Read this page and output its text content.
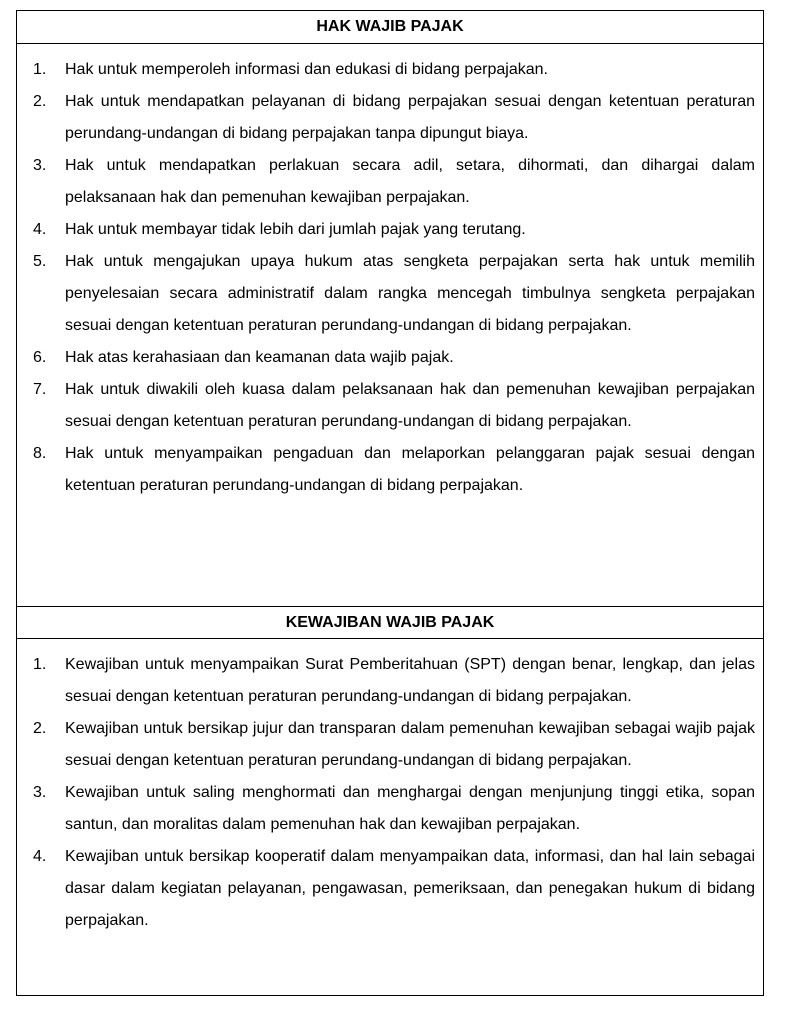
HAK WAJIB PAJAK
1.	Hak untuk memperoleh informasi dan edukasi di bidang perpajakan.
2.	Hak untuk mendapatkan pelayanan di bidang perpajakan sesuai dengan ketentuan peraturan perundang-undangan di bidang perpajakan tanpa dipungut biaya.
3.	Hak untuk mendapatkan perlakuan secara adil, setara, dihormati, dan dihargai dalam pelaksanaan hak dan pemenuhan kewajiban perpajakan.
4.	Hak untuk membayar tidak lebih dari jumlah pajak yang terutang.
5.	Hak untuk mengajukan upaya hukum atas sengketa perpajakan serta hak untuk memilih penyelesaian secara administratif dalam rangka mencegah timbulnya sengketa perpajakan sesuai dengan ketentuan peraturan perundang-undangan di bidang perpajakan.
6.	Hak atas kerahasiaan dan keamanan data wajib pajak.
7.	Hak untuk diwakili oleh kuasa dalam pelaksanaan hak dan pemenuhan kewajiban perpajakan sesuai dengan ketentuan peraturan perundang-undangan di bidang perpajakan.
8.	Hak untuk menyampaikan pengaduan dan melaporkan pelanggaran pajak sesuai dengan ketentuan peraturan perundang-undangan di bidang perpajakan.
KEWAJIBAN WAJIB PAJAK
1.	Kewajiban untuk menyampaikan Surat Pemberitahuan (SPT) dengan benar, lengkap, dan jelas sesuai dengan ketentuan peraturan perundang-undangan di bidang perpajakan.
2.	Kewajiban untuk bersikap jujur dan transparan dalam pemenuhan kewajiban sebagai wajib pajak sesuai dengan ketentuan peraturan perundang-undangan di bidang perpajakan.
3.	Kewajiban untuk saling menghormati dan menghargai dengan menjunjung tinggi etika, sopan santun, dan moralitas dalam pemenuhan hak dan kewajiban perpajakan.
4.	Kewajiban untuk bersikap kooperatif dalam menyampaikan data, informasi, dan hal lain sebagai dasar dalam kegiatan pelayanan, pengawasan, pemeriksaan, dan penegakan hukum di bidang perpajakan.
